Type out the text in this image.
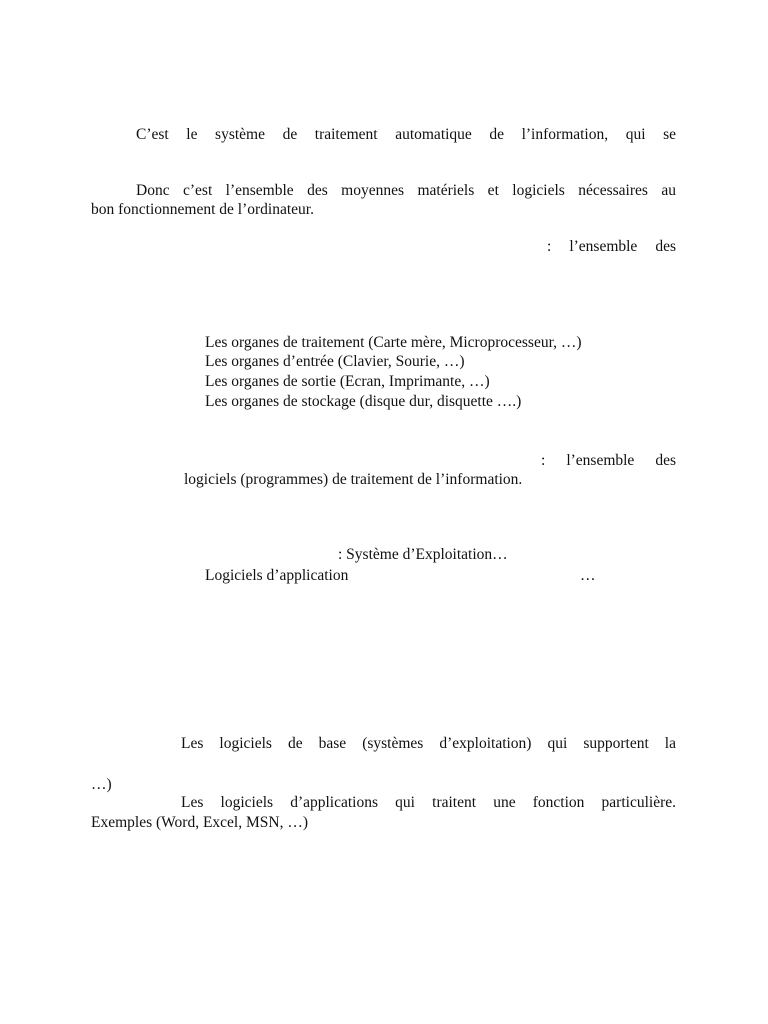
C’est le système de traitement automatique de l’information, qui se
Donc c’est l’ensemble des moyennes matériels et logiciels nécessaires au
bon fonctionnement de l’ordinateur.
: l’ensemble des
Les organes de traitement (Carte mère, Microprocesseur, …)
Les organes d’entrée (Clavier, Sourie, …)
Les organes de sortie (Ecran, Imprimante, …)
Les organes de stockage (disque dur, disquette ….)
: l’ensemble des
logiciels (programmes) de traitement de l’information.
: Système d’Exploitation…
Logiciels d’application	…
Les logiciels de base (systèmes d’exploitation) qui supportent la
…)
Les logiciels d’applications qui traitent une fonction particulière.
Exemples (Word, Excel, MSN, …)
